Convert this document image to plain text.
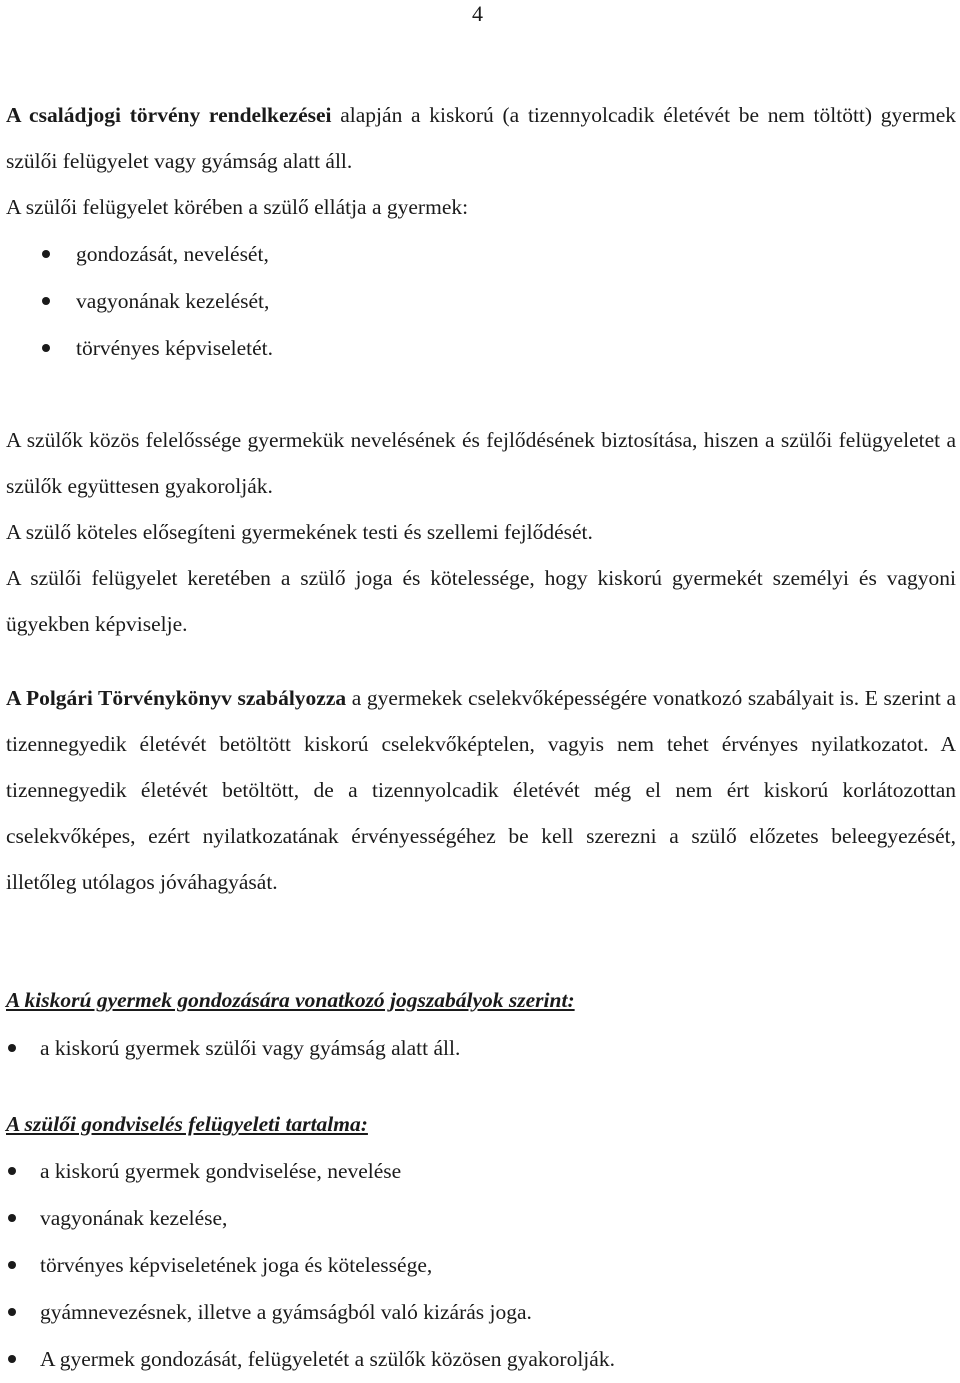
4

A családjogi törvény rendelkezései alapján a kiskorú (a tizennyolcadik életévét be nem töltött) gyermek szülői felügyelet vagy gyámság alatt áll.

A szülői felügyelet körében a szülő ellátja a gyermek:

gondozását, nevelését,
vagyonának kezelését,
törvényes képviseletét.

A szülők közös felelőssége gyermekük nevelésének és fejlődésének biztosítása, hiszen a szülői felügyeletet a szülők együttesen gyakorolják.

A szülő köteles elősegíteni gyermekének testi és szellemi fejlődését.

A szülői felügyelet keretében a szülő joga és kötelessége, hogy kiskorú gyermekét személyi és vagyoni ügyekben képviselje.

A Polgári Törvénykönyv szabályozza a gyermekek cselekvőképességére vonatkozó szabályait is. E szerint a tizennegyedik életévét betöltött kiskorú cselekvőképtelen, vagyis nem tehet érvényes nyilatkozatot. A tizennegyedik életévét betöltött, de a tizennyolcadik életévét még el nem ért kiskorú korlátozottan cselekvőképes, ezért nyilatkozatának érvényességéhez be kell szerezni a szülő előzetes beleegyezését, illetőleg utólagos jóváhagyását.

A kiskorú gyermek gondozására vonatkozó jogszabályok szerint:
a kiskorú gyermek szülői vagy gyámság alatt áll.
A szülői gondviselés felügyeleti tartalma:
a kiskorú gyermek gondviselése, nevelése
vagyonának kezelése,
törvényes képviseletének joga és kötelessége,
gyámnevezésnek, illetve a gyámságból való kizárás joga.
A gyermek gondozását, felügyeletét a szülők közösen gyakorolják.
